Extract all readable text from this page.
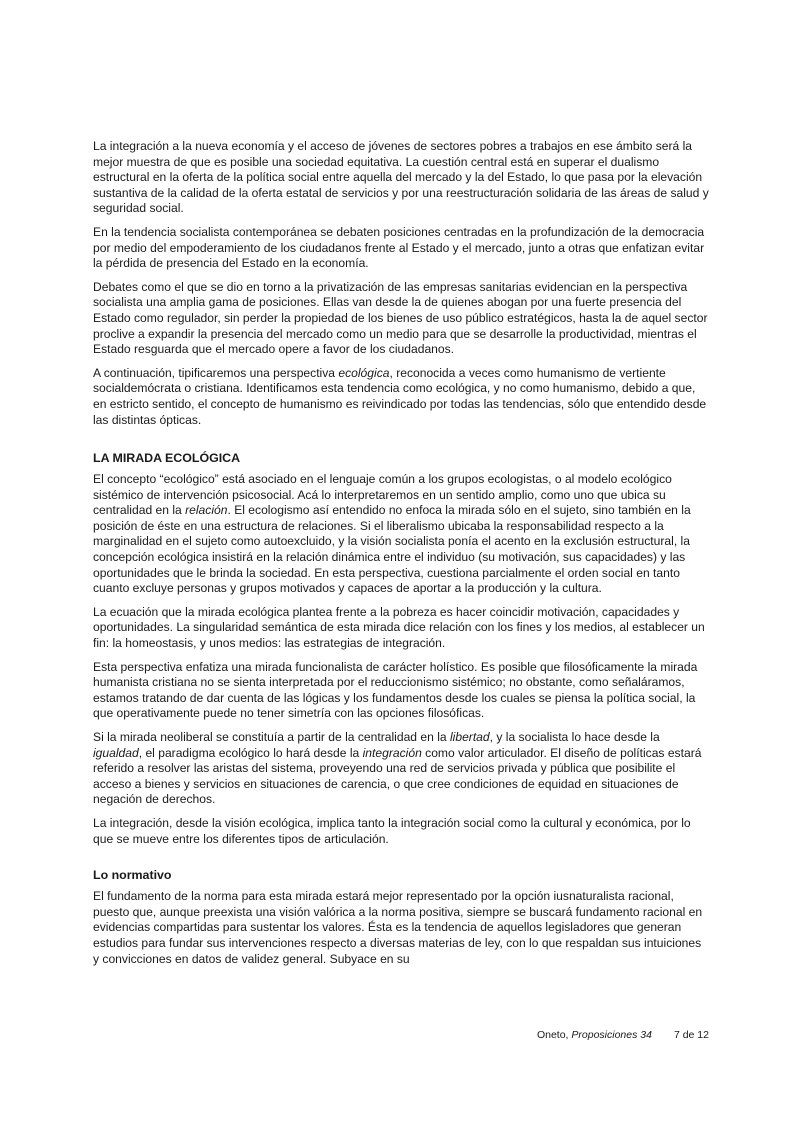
La integración a la nueva economía y el acceso de jóvenes de sectores pobres a trabajos en ese ámbito será la mejor muestra de que es posible una sociedad equitativa. La cuestión central está en superar el dualismo estructural en la oferta de la política social entre aquella del mercado y la del Estado, lo que pasa por la elevación sustantiva de la calidad de la oferta estatal de servicios y por una reestructuración solidaria de las áreas de salud y seguridad social.

En la tendencia socialista contemporánea se debaten posiciones centradas en la profundización de la democracia por medio del empoderamiento de los ciudadanos frente al Estado y el mercado, junto a otras que enfatizan evitar la pérdida de presencia del Estado en la economía.

Debates como el que se dio en torno a la privatización de las empresas sanitarias evidencian en la perspectiva socialista una amplia gama de posiciones. Ellas van desde la de quienes abogan por una fuerte presencia del Estado como regulador, sin perder la propiedad de los bienes de uso público estratégicos, hasta la de aquel sector proclive a expandir la presencia del mercado como un medio para que se desarrolle la productividad, mientras el Estado resguarda que el mercado opere a favor de los ciudadanos.

A continuación, tipificaremos una perspectiva ecológica, reconocida a veces como humanismo de vertiente socialdemócrata o cristiana. Identificamos esta tendencia como ecológica, y no como humanismo, debido a que, en estricto sentido, el concepto de humanismo es reivindicado por todas las tendencias, sólo que entendido desde las distintas ópticas.

LA MIRADA ECOLÓGICA

El concepto “ecológico” está asociado en el lenguaje común a los grupos ecologistas, o al modelo ecológico sistémico de intervención psicosocial. Acá lo interpretaremos en un sentido amplio, como uno que ubica su centralidad en la relación. El ecologismo así entendido no enfoca la mirada sólo en el sujeto, sino también en la posición de éste en una estructura de relaciones. Si el liberalismo ubicaba la responsabilidad respecto a la marginalidad en el sujeto como autoexcluido, y la visión socialista ponía el acento en la exclusión estructural, la concepción ecológica insistirá en la relación dinámica entre el individuo (su motivación, sus capacidades) y las oportunidades que le brinda la sociedad. En esta perspectiva, cuestiona parcialmente el orden social en tanto cuanto excluye personas y grupos motivados y capaces de aportar a la producción y la cultura.

La ecuación que la mirada ecológica plantea frente a la pobreza es hacer coincidir motivación, capacidades y oportunidades. La singularidad semántica de esta mirada dice relación con los fines y los medios, al establecer un fin: la homeostasis, y unos medios: las estrategias de integración.

Esta perspectiva enfatiza una mirada funcionalista de carácter holístico. Es posible que filosóficamente la mirada humanista cristiana no se sienta interpretada por el reduccionismo sistémico; no obstante, como señaláramos, estamos tratando de dar cuenta de las lógicas y los fundamentos desde los cuales se piensa la política social, la que operativamente puede no tener simetría con las opciones filosóficas.

Si la mirada neoliberal se constituía a partir de la centralidad en la libertad, y la socialista lo hace desde la igualdad, el paradigma ecológico lo hará desde la integración como valor articulador. El diseño de políticas estará referido a resolver las aristas del sistema, proveyendo una red de servicios privada y pública que posibilite el acceso a bienes y servicios en situaciones de carencia, o que cree condiciones de equidad en situaciones de negación de derechos.

La integración, desde la visión ecológica, implica tanto la integración social como la cultural y económica, por lo que se mueve entre los diferentes tipos de articulación.

Lo normativo

El fundamento de la norma para esta mirada estará mejor representado por la opción iusnaturalista racional, puesto que, aunque preexista una visión valórica a la norma positiva, siempre se buscará fundamento racional en evidencias compartidas para sustentar los valores. Ésta es la tendencia de aquellos legisladores que generan estudios para fundar sus intervenciones respecto a diversas materias de ley, con lo que respaldan sus intuiciones y convicciones en datos de validez general. Subyace en su

Oneto, Proposiciones 34 7 de 12
